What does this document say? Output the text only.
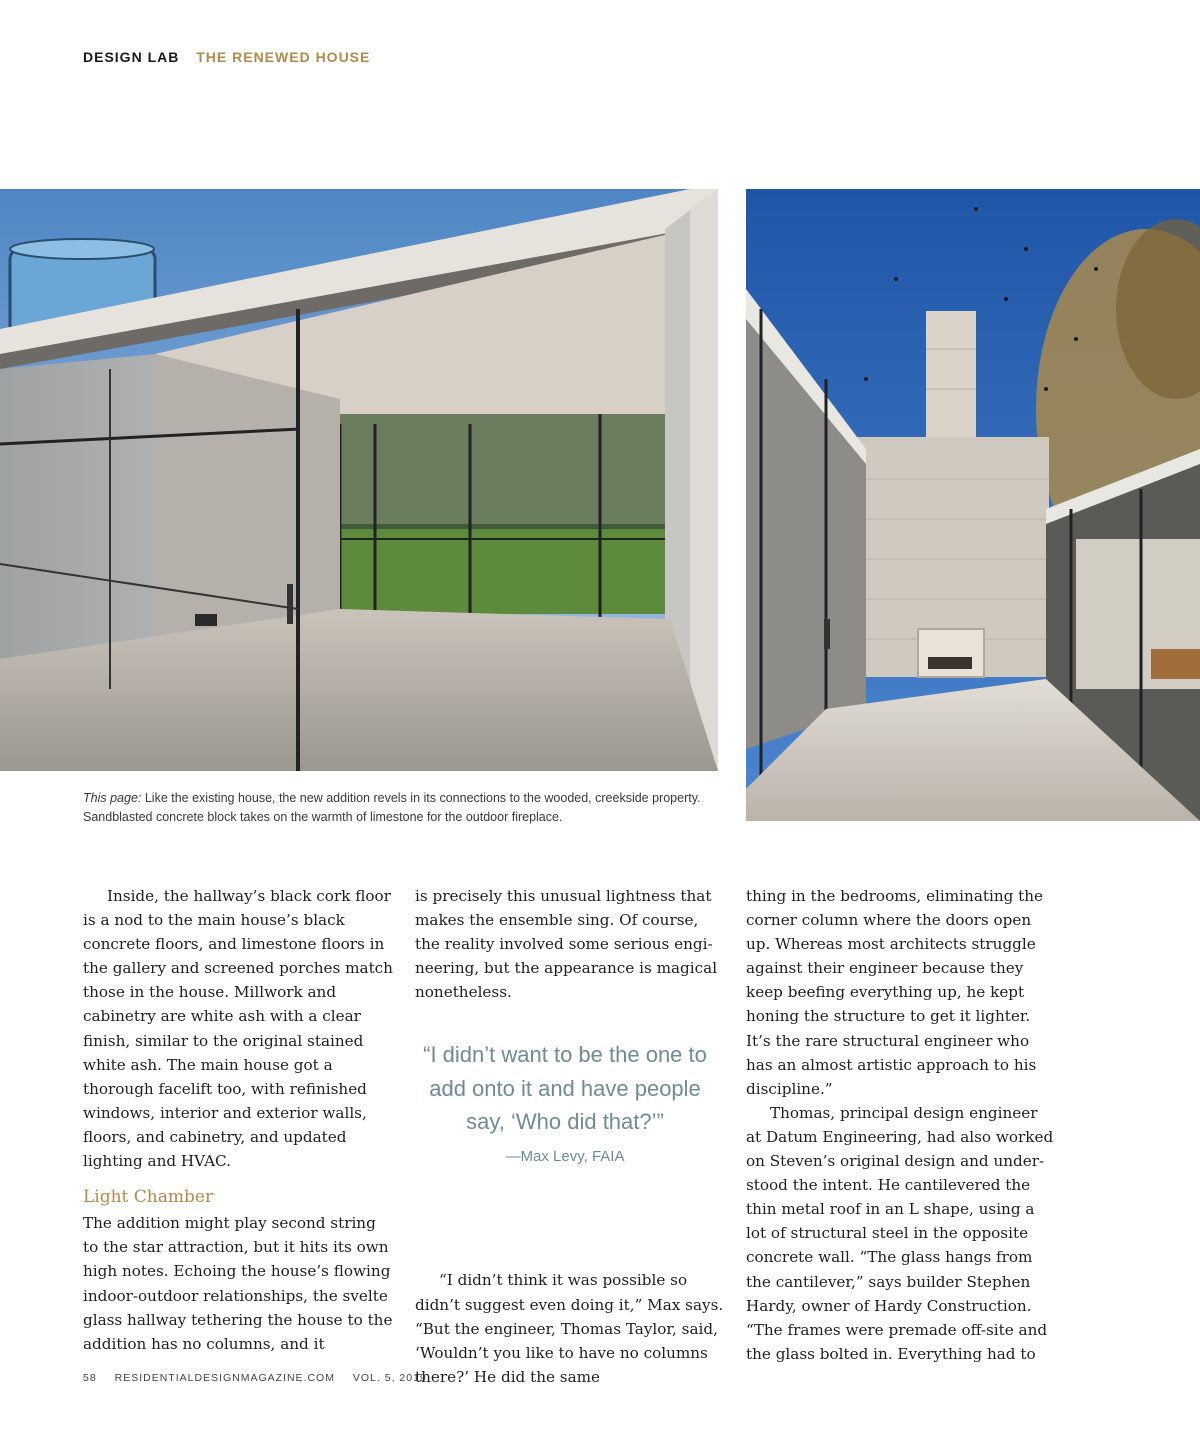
DESIGN LAB THE RENEWED HOUSE
This page: Like the existing house, the new addition revels in its connections to the wooded, creekside property. Sandblasted concrete block takes on the warmth of limestone for the outdoor fireplace.

Inside, the hallway’s black cork floor is a nod to the main house’s black concrete floors, and limestone floors in the gallery and screened porches match those in the house. Millwork and cabinetry are white ash with a clear finish, similar to the original stained white ash. The main house got a thorough facelift too, with refinished windows, interior and exterior walls, floors, and cabinetry, and updated lighting and HVAC.

Light Chamber

The addition might play second string to the star attraction, but it hits its own high notes. Echoing the house’s flowing indoor-outdoor relationships, the svelte glass hallway tethering the house to the addition has no columns, and it

is precisely this unusual lightness that makes the ensemble sing. Of course, the reality involved some serious engi-neering, but the appearance is magical nonetheless.

“I didn’t think it was possible so didn’t suggest even doing it,” Max says. “But the engineer, Thomas Taylor, said, ‘Wouldn’t you like to have no columns there?’ He did the same

“I didn’t want to be the one to add onto it and have people say, ‘Who did that?’”
—Max Levy, FAIA

thing in the bedrooms, eliminating the corner column where the doors open up. Whereas most architects struggle against their engineer because they keep beefing everything up, he kept honing the structure to get it lighter. It’s the rare structural engineer who has an almost artistic approach to his discipline.”

Thomas, principal design engineer at Datum Engineering, had also worked on Steven’s original design and under-stood the intent. He cantilevered the thin metal roof in an L shape, using a lot of structural steel in the opposite concrete wall. “The glass hangs from the cantilever,” says builder Stephen Hardy, owner of Hardy Construction. “The frames were premade off-site and the glass bolted in. Everything had to

58 RESIDENTIALDESIGNMAGAZINE.COM VOL. 5, 2019
